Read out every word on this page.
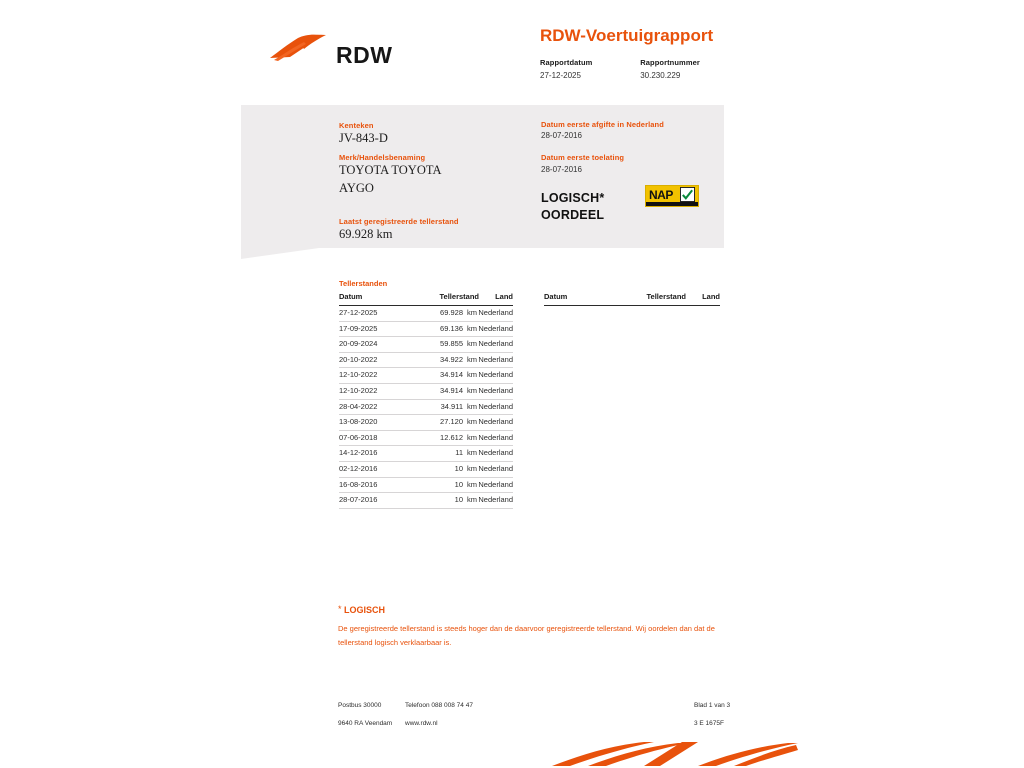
RDW
RDW-Voertuigrapport
Rapportdatum
27-12-2025

Rapportnummer
30.230.229
Kenteken
JV-843-D
Merk/Handelsbenaming
TOYOTA TOYOTA
AYGO
Laatst geregistreerde tellerstand
69.928 km
Datum eerste afgifte in Nederland
28-07-2016
Datum eerste toelating
28-07-2016
LOGISCH*
OORDEEL
NAP
Tellerstanden
Datum	Tellerstand	Land
27-12-2025	69.928 km Nederland
17-09-2025	69.136 km Nederland
20-09-2024	59.855 km Nederland
20-10-2022	34.922 km Nederland
12-10-2022	34.914 km Nederland
12-10-2022	34.914 km Nederland
28-04-2022	34.911 km Nederland
13-08-2020	27.120 km Nederland
07-06-2018	12.612 km Nederland
14-12-2016	11 km Nederland
02-12-2016	10 km Nederland
16-08-2016	10 km Nederland
28-07-2016	10 km Nederland
Datum	Tellerstand	Land
* LOGISCH
De geregistreerde tellerstand is steeds hoger dan de daarvoor geregistreerde tellerstand. Wij oordelen dan dat de tellerstand logisch verklaarbaar is.
Postbus 30000
9640 RA Veendam
Telefoon 088 008 74 47
www.rdw.nl
Blad 1 van 3
3 E 1675F
